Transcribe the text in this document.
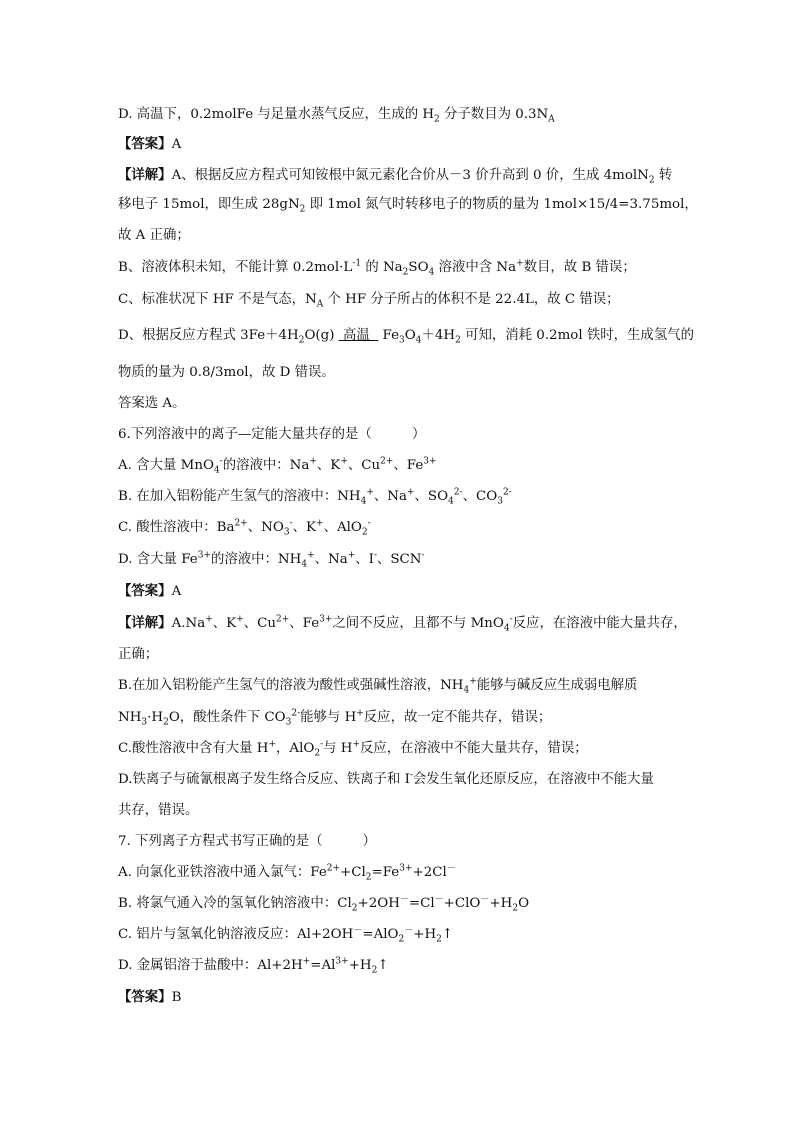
D. 高温下，0.2molFe 与足量水蒸气反应，生成的 $H_2$ 分子数目为 $0.3N_A$
【答案】A
【详解】A、根据反应方程式可知铵根中氮元素化合价从－3 价升高到 0 价，生成 4molN$_2$ 转
移电子 15mol，即生成 $28gN_2$ 即 1mol 氮气时转移电子的物质的量为 1mol×15/4=3.75mol，
故 A 正确；
B、溶液体积未知，不能计算 $0.2mol\cdot L^{-1}$ 的 $Na_2SO_4$ 溶液中含 Na+数目，故 B 错误；
C、标准状况下 HF 不是气态，$N_A$ 个 HF 分子所占的体积不是 22.4L，故 C 错误；
D、根据反应方程式 $3Fe+4H_2O(g)$  高温   $Fe_3O_4+4H_2$ 可知，消耗 0.2mol 铁时，生成氢气的
物质的量为 0.8/3mol，故 D 错误。
答案选 A。
6.下列溶液中的离子—定能大量共存的是（　　　）
A. 含大量 MnO$_4$-的溶液中：Na+、K+、$Cu^{2+}$、$Fe^{3+}$
B. 在加入铝粉能产生氢气的溶液中：$NH_4^+$、Na+、$SO_4^{2-}$、$CO_3^{2-}$
C. 酸性溶液中：$Ba^{2+}$、$NO_3^-$、K+、AlO$_2$-
D. 含大量 $Fe^{3+}$的溶液中：$NH_4^+$、Na+、I-、SCN-
【答案】A
【详解】A.Na+、K+、$Cu^{2+}$、$Fe^{3+}$之间不反应，且都不与 MnO$_4$-反应，在溶液中能大量共存，
正确；
B.在加入铝粉能产生氢气的溶液为酸性或强碱性溶液，$NH_4^+$能够与碱反应生成弱电解质
$NH_3\cdot H_2O$，酸性条件下 $CO_3^{2-}$能够与 H+反应，故一定不能共存，错误；
C.酸性溶液中含有大量 H+，AlO$_2$-与 H+反应，在溶液中不能大量共存，错误；
D.铁离子与硫氰根离子发生络合反应、铁离子和 I-会发生氧化还原反应，在溶液中不能大量
共存，错误。
7. 下列离子方程式书写正确的是（　　　）
A. 向氯化亚铁溶液中通入氯气：$Fe^{2+}+Cl_2=Fe^{3+}+2Cl^-$
B. 将氯气通入冷的氢氧化钠溶液中：$Cl_2+2OH^-=Cl^-+ClO^-+H_2O$
C. 铝片与氢氧化钠溶液反应：$Al+2OH^-=AlO_2^-+H_2↑$
D. 金属铝溶于盐酸中：$Al+2H^+=Al^{3+}+H_2↑$
【答案】B
